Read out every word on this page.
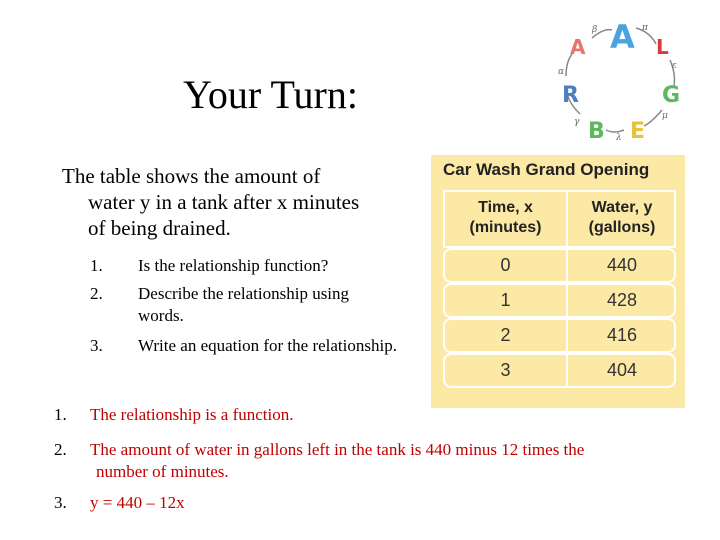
Your Turn:
The table shows the amount of
water y in a tank after x minutes
of being drained.
1.	Is the relationship function?
2.	Describe the relationship using words.
3.	Write an equation for the relationship.
1.	The relationship is a function.
2.	The amount of water in gallons left in the tank is 440 minus 12 times the
number of minutes.
3.	y = 440 – 12x
Car Wash Grand Opening
Time, x
(minutes)
Water, y
(gallons)
0	440
1	428
2	416
3	404
A A L
G
E
B
R
β	π
ε
μ
λ
γ
α
